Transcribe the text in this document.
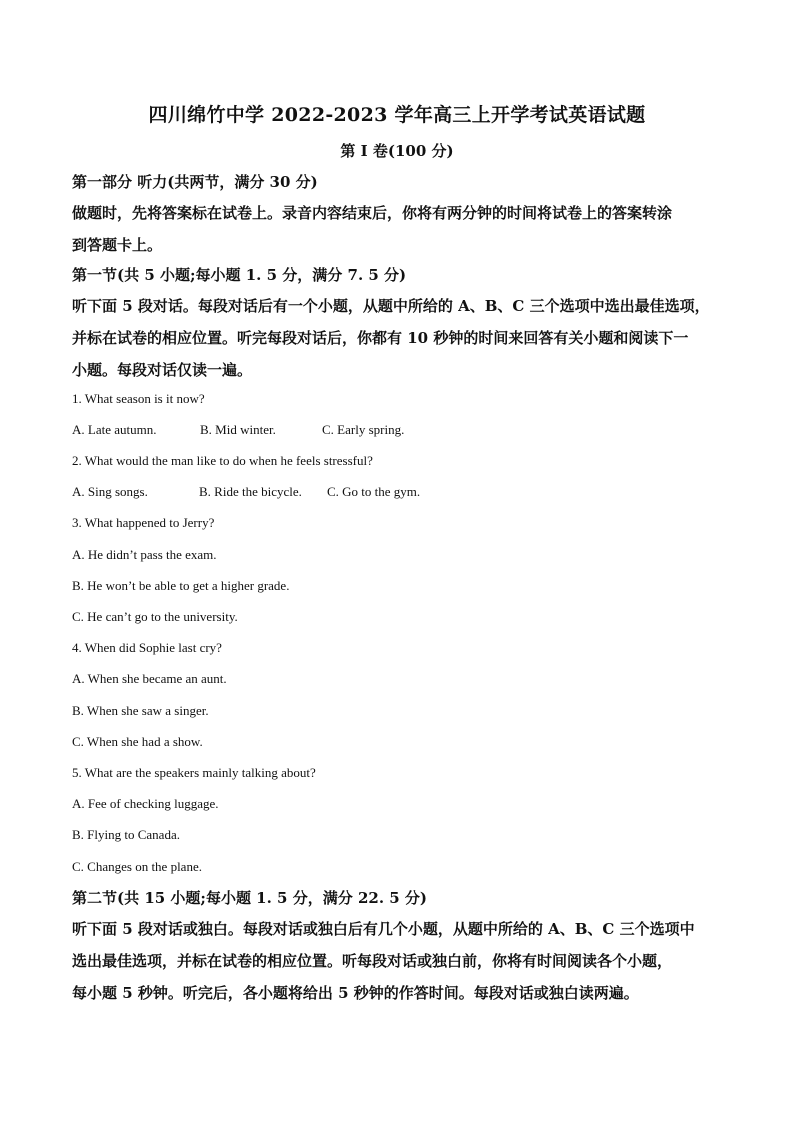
四川绵竹中学 2022-2023 学年高三上开学考试英语试题
第 I 卷(100 分)
第一部分 听力(共两节，满分 30 分)
做题时，先将答案标在试卷上。录音内容结束后，你将有两分钟的时间将试卷上的答案转涂
到答题卡上。
第一节(共 5 小题;每小题 1. 5 分，满分 7. 5 分)
听下面 5 段对话。每段对话后有一个小题，从题中所给的 A、B、C 三个选项中选出最佳选项，
并标在试卷的相应位置。听完每段对话后，你都有 10 秒钟的时间来回答有关小题和阅读下一
小题。每段对话仅读一遍。
1. What season is it now?
A. Late autumn.	B. Mid winter.	C. Early spring.
2. What would the man like to do when he feels stressful?
A. Sing songs.	B. Ride the bicycle. C. Go to the gym.
3. What happened to Jerry?
A. He didn’t pass the exam.
B. He won’t be able to get a higher grade.
C. He can’t go to the university.
4. When did Sophie last cry?
A. When she became an aunt.
B. When she saw a singer.
C. When she had a show.
5. What are the speakers mainly talking about?
A. Fee of checking luggage.
B. Flying to Canada.
C. Changes on the plane.
第二节(共 15 小题;每小题 1. 5 分，满分 22. 5 分)
听下面 5 段对话或独白。每段对话或独白后有几个小题，从题中所给的 A、B、C 三个选项中
选出最佳选项，并标在试卷的相应位置。听每段对话或独白前，你将有时间阅读各个小题，
每小题 5 秒钟。听完后，各小题将给出 5 秒钟的作答时间。每段对话或独白读两遍。
